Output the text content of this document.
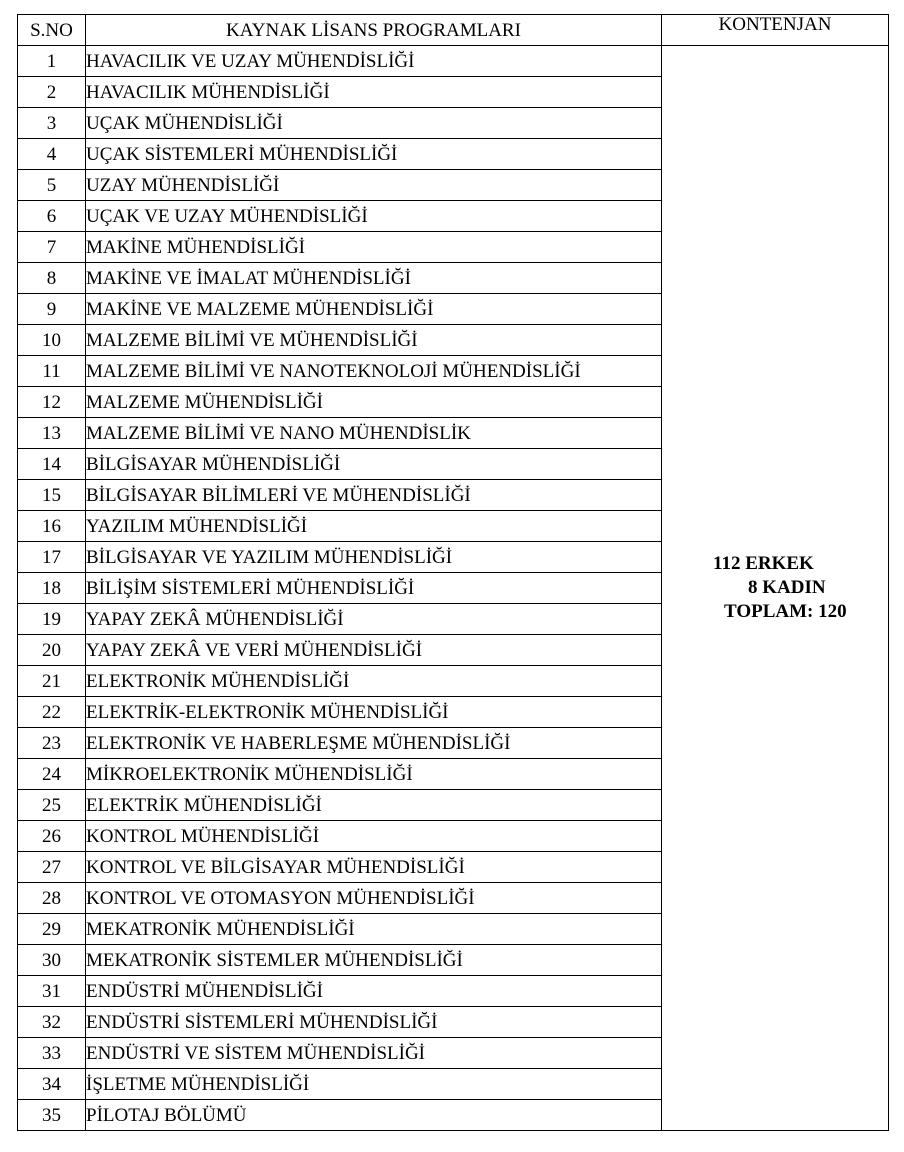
S.NO	KAYNAK LİSANS PROGRAMLARI	KONTENJAN
1	HAVACILIK VE UZAY MÜHENDİSLİĞİ	112 ERKEK
8 KADIN
TOPLAM: 120

2	HAVACILIK MÜHENDİSLİĞİ	
3	UÇAK MÜHENDİSLİĞİ	
4	UÇAK SİSTEMLERİ MÜHENDİSLİĞİ	
5	UZAY MÜHENDİSLİĞİ	
6	UÇAK VE UZAY MÜHENDİSLİĞİ	
7	MAKİNE MÜHENDİSLİĞİ	
8	MAKİNE VE İMALAT MÜHENDİSLİĞİ	
9	MAKİNE VE MALZEME MÜHENDİSLİĞİ	
10	MALZEME BİLİMİ VE MÜHENDİSLİĞİ	
11	MALZEME BİLİMİ VE NANOTEKNOLOJİ MÜHENDİSLİĞİ	
12	MALZEME MÜHENDİSLİĞİ	
13	MALZEME BİLİMİ VE NANO MÜHENDİSLİK	
14	BİLGİSAYAR MÜHENDİSLİĞİ	
15	BİLGİSAYAR BİLİMLERİ VE MÜHENDİSLİĞİ	
16	YAZILIM MÜHENDİSLİĞİ	
17	BİLGİSAYAR VE YAZILIM MÜHENDİSLİĞİ	
18	BİLİŞİM SİSTEMLERİ MÜHENDİSLİĞİ	
19	YAPAY ZEKÂ MÜHENDİSLİĞİ	
20	YAPAY ZEKÂ VE VERİ MÜHENDİSLİĞİ	
21	ELEKTRONİK MÜHENDİSLİĞİ	
22	ELEKTRİK-ELEKTRONİK MÜHENDİSLİĞİ	
23	ELEKTRONİK VE HABERLEŞME MÜHENDİSLİĞİ	
24	MİKROELEKTRONİK MÜHENDİSLİĞİ	
25	ELEKTRİK MÜHENDİSLİĞİ	
26	KONTROL MÜHENDİSLİĞİ	
27	KONTROL VE BİLGİSAYAR MÜHENDİSLİĞİ	
28	KONTROL VE OTOMASYON MÜHENDİSLİĞİ	
29	MEKATRONİK MÜHENDİSLİĞİ	
30	MEKATRONİK SİSTEMLER MÜHENDİSLİĞİ	
31	ENDÜSTRİ MÜHENDİSLİĞİ	
32	ENDÜSTRİ SİSTEMLERİ MÜHENDİSLİĞİ	
33	ENDÜSTRİ VE SİSTEM MÜHENDİSLİĞİ	
34	İŞLETME MÜHENDİSLİĞİ	
35	PİLOTAJ BÖLÜMÜ	
